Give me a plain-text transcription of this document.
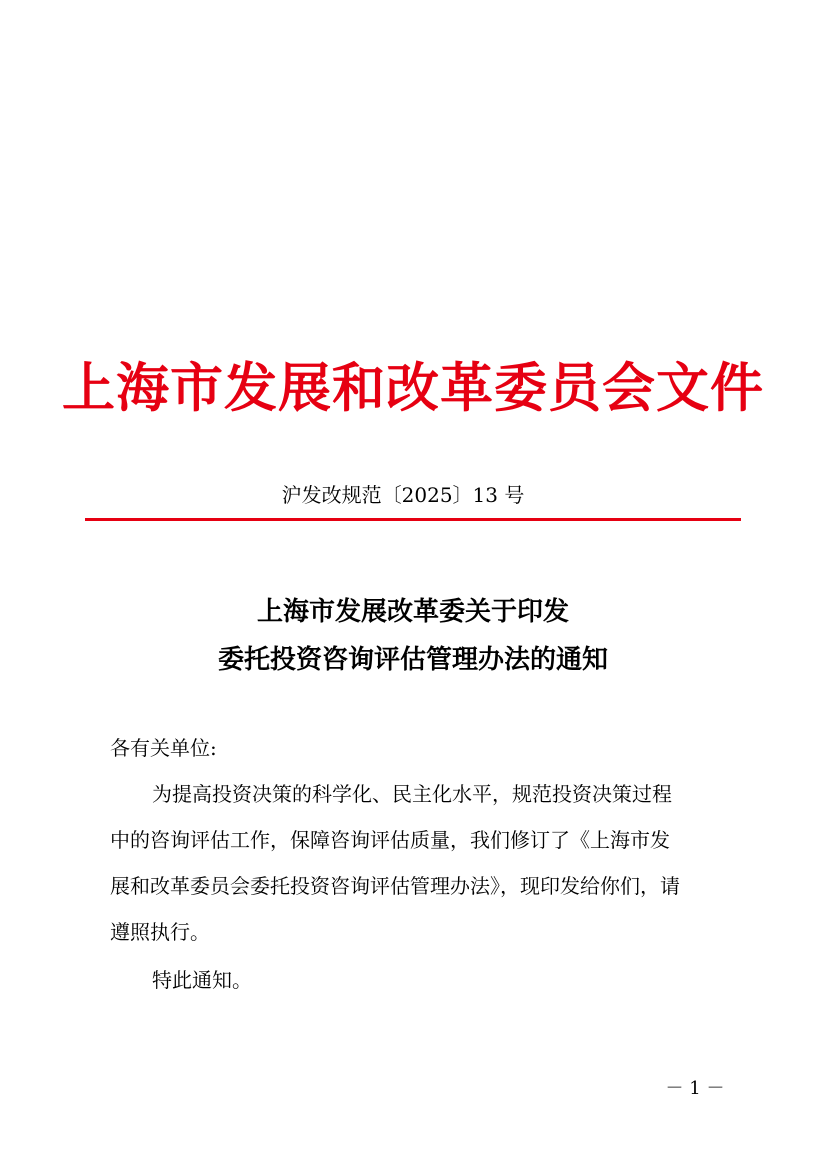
上海市发展和改革委员会文件
沪发改规范〔2025〕13 号
上海市发展改革委关于印发
委托投资咨询评估管理办法的通知
各有关单位:
为提高投资决策的科学化、民主化水平，规范投资决策过程
中的咨询评估工作，保障咨询评估质量，我们修订了《上海市发
展和改革委员会委托投资咨询评估管理办法》，现印发给你们，请
遵照执行。
特此通知。
－ 1 －
